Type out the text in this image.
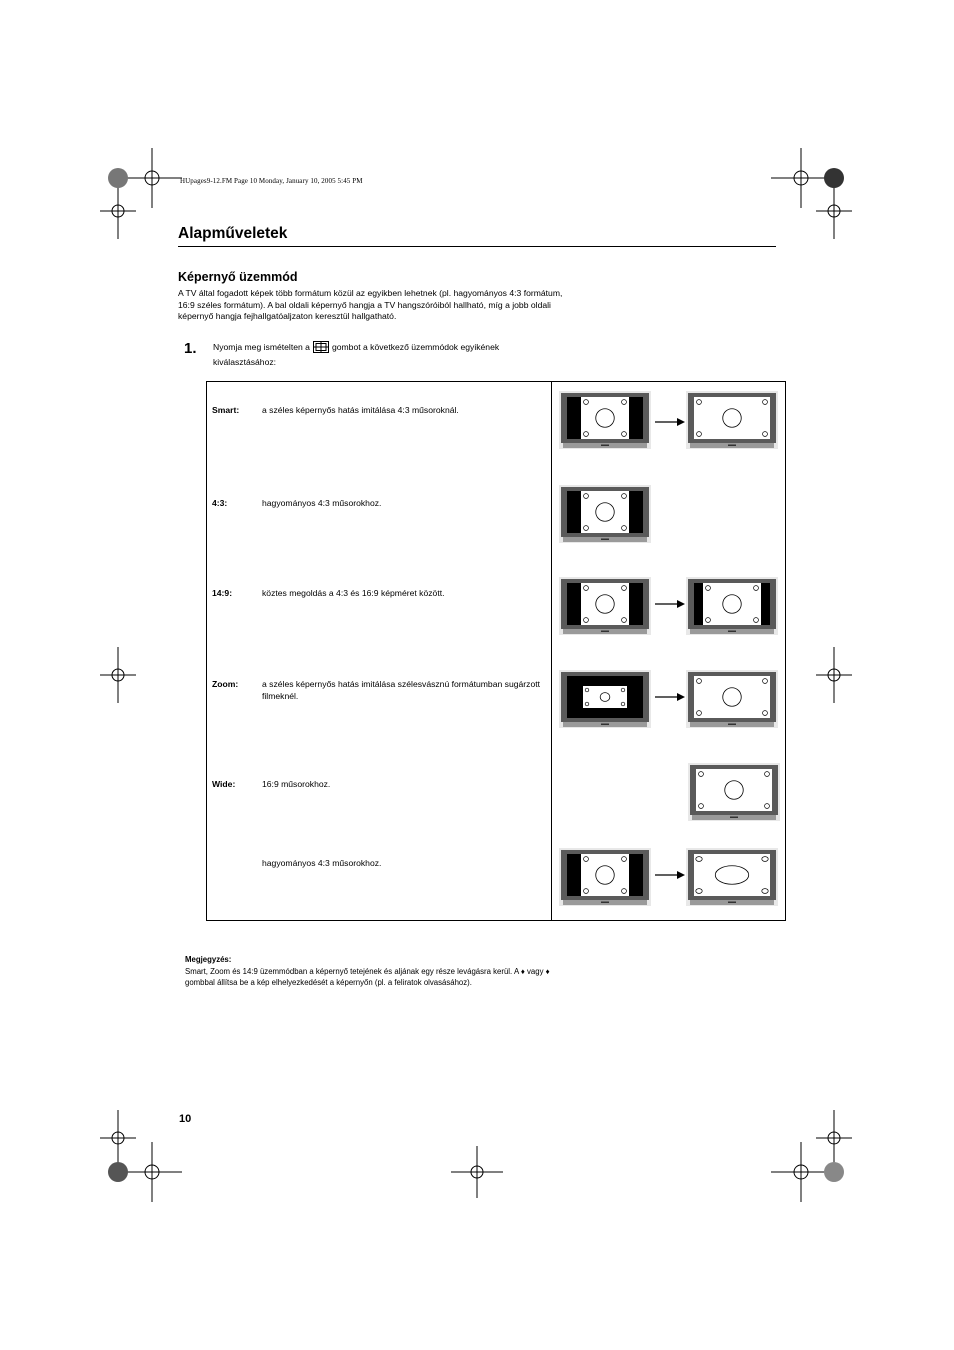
HUpages9-12.FM Page 10 Monday, January 10, 2005 5:45 PM
Alapműveletek
Képernyő üzemmód
A TV által fogadott képek több formátum közül az egyikben lehetnek (pl. hagyományos 4:3 formátum, 16:9 széles formátum). A bal oldali képernyő hangja a TV hangszóróiból hallható, míg a jobb oldali képernyő hangja fejhallgatóaljzaton keresztül hallgatható.
1. Nyomja meg ismételten a	gombot a következő üzemmódok egyikének kiválasztásához:
Smart:	a széles képernyős hatás imitálása 4:3 műsoroknál.
4:3:	hagyományos 4:3 műsorokhoz.
14:9:	köztes megoldás a 4:3 és 16:9 képméret között.
Zoom:	a széles képernyős hatás imitálása szélesvásznú formátumban sugárzott filmeknél.
Wide:	16:9 műsorokhoz.
hagyományos 4:3 műsorokhoz.
Megjegyzés:
Smart, Zoom és 14:9 üzemmódban a képernyő tetejének és aljának egy része levágásra kerül. A ♦ vagy ♦ gombbal állítsa be a kép elhelyezkedését a képernyőn (pl. a feliratok olvasásához).
10
